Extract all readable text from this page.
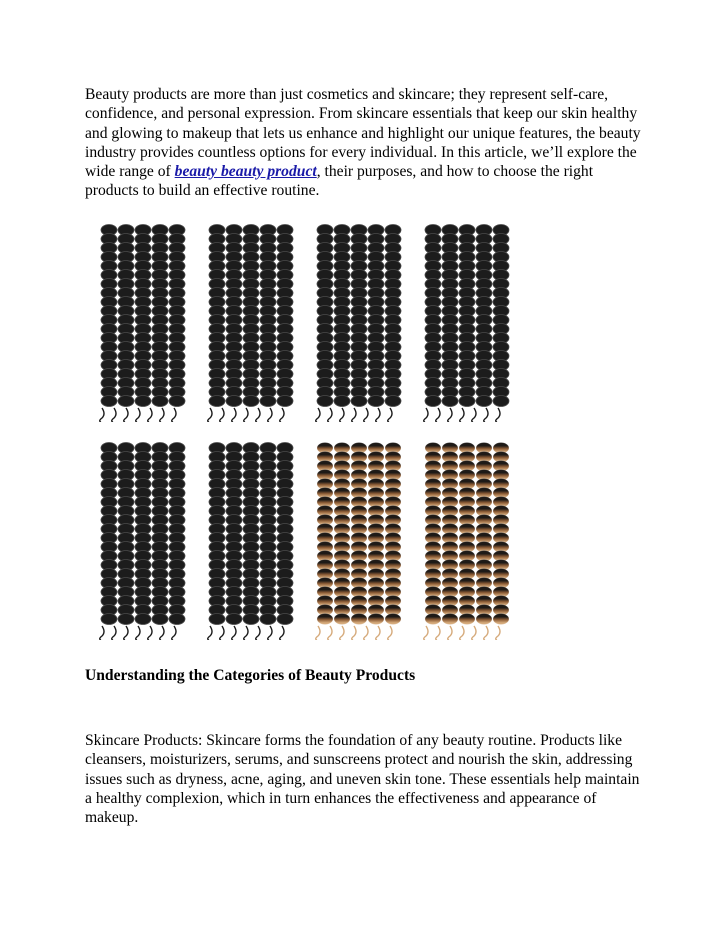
Beauty products are more than just cosmetics and skincare; they represent self-care, confidence, and personal expression. From skincare essentials that keep our skin healthy and glowing to makeup that lets us enhance and highlight our unique features, the beauty industry provides countless options for every individual. In this article, we’ll explore the wide range of beauty beauty product, their purposes, and how to choose the right products to build an effective routine.

Understanding the Categories of Beauty Products

Skincare Products: Skincare forms the foundation of any beauty routine. Products like cleansers, moisturizers, serums, and sunscreens protect and nourish the skin, addressing issues such as dryness, acne, aging, and uneven skin tone. These essentials help maintain a healthy complexion, which in turn enhances the effectiveness and appearance of makeup.
